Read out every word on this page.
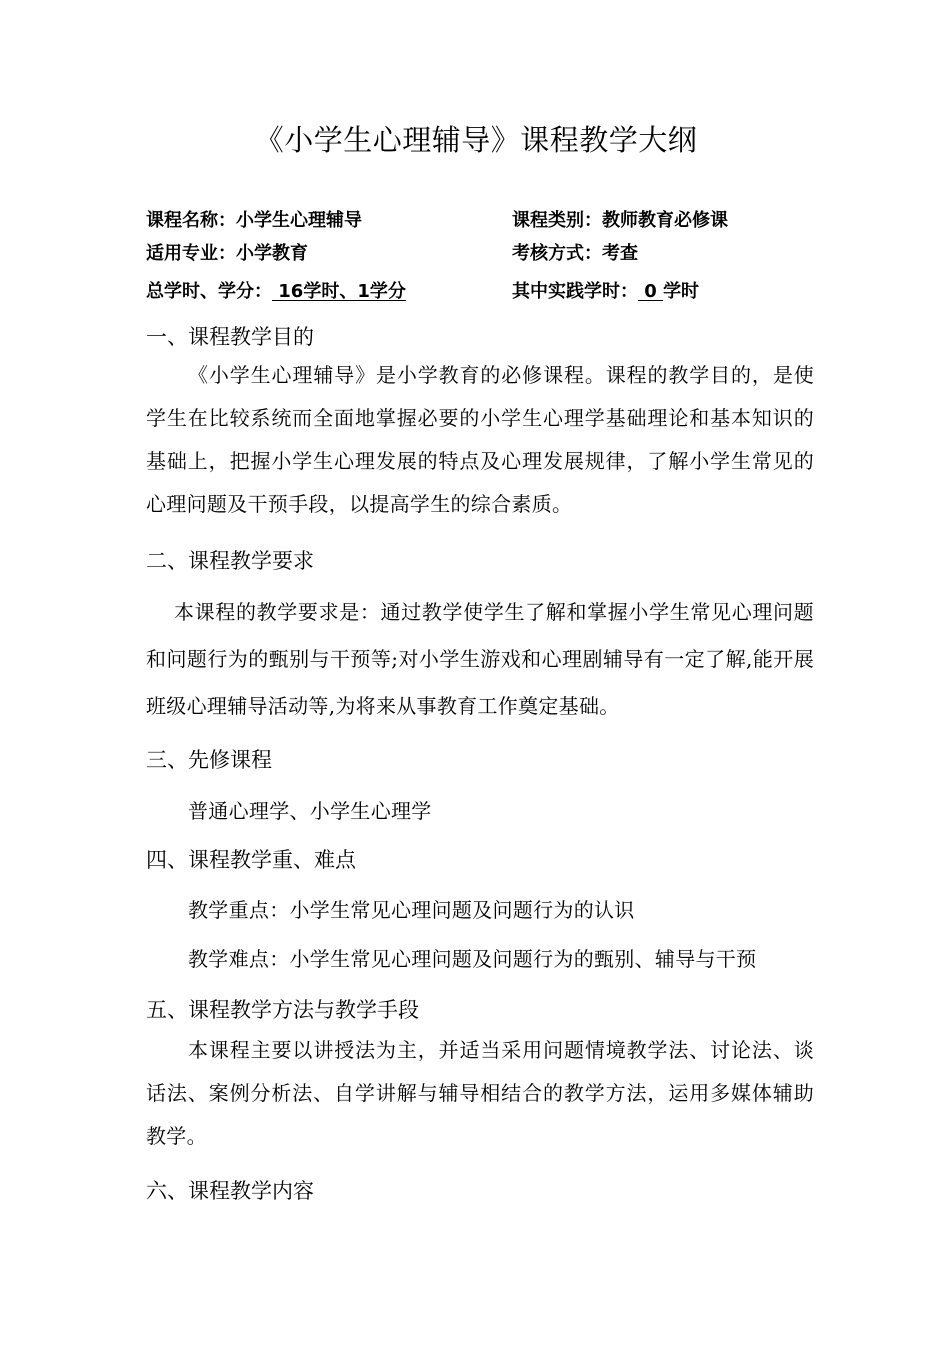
《小学生心理辅导》课程教学大纲
课程名称：小学生心理辅导	课程类别：教师教育必修课
适用专业：小学教育	考核方式：考查
总学时、学分： 16学时、1学分	其中实践学时： 0 学时
一、课程教学目的
《小学生心理辅导》是小学教育的必修课程。课程的教学目的，是使学生在比较系统而全面地掌握必要的小学生心理学基础理论和基本知识的基础上，把握小学生心理发展的特点及心理发展规律，了解小学生常见的心理问题及干预手段，以提高学生的综合素质。
二、课程教学要求
本课程的教学要求是：通过教学使学生了解和掌握小学生常见心理问题和问题行为的甄别与干预等;对小学生游戏和心理剧辅导有一定了解,能开展班级心理辅导活动等,为将来从事教育工作奠定基础。
三、先修课程
普通心理学、小学生心理学
四、课程教学重、难点
教学重点：小学生常见心理问题及问题行为的认识
教学难点：小学生常见心理问题及问题行为的甄别、辅导与干预
五、课程教学方法与教学手段
本课程主要以讲授法为主，并适当采用问题情境教学法、讨论法、谈话法、案例分析法、自学讲解与辅导相结合的教学方法，运用多媒体辅助教学。
六、课程教学内容
